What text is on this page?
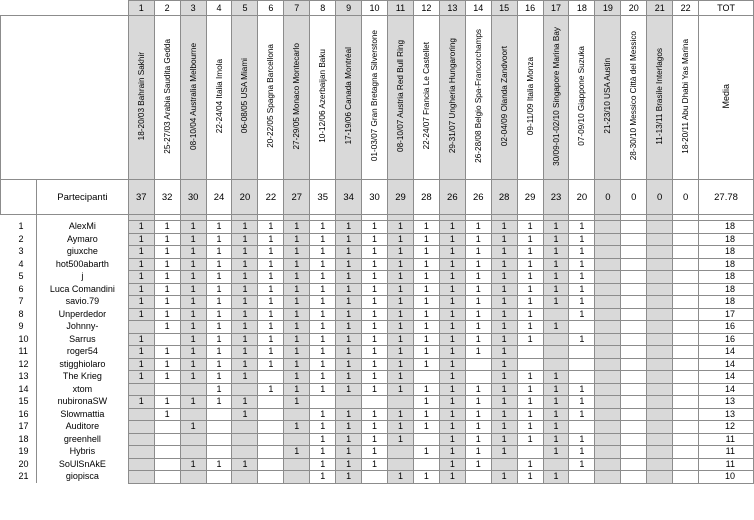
		1	2	3	4	5	6	7	8	9	10	11	12	13	14	15	16	17	18	19	20	21	22	TOT
		18-20/03 Bahrain Sakhir	25-27/03 Arabia Saudita Gedda	08-10/04 Australia Melbourne	22-24/04 Italia Imola	06-08/05 USA Miami	20-22/05 Spagna Barcellona	27-29/05 Monaco Montecarlo	10-12/06 Azerbaijan Baku	17-19/06 Canada Montréal	01-03/07 Gran Bretagna Silverstone	08-10/07 Austria Red Bull Ring	22-24/07 Francia Le Castellet	29-31/07 Ungheria Hungaroring	26-28/08 Belgio Spa-Francorchamps	02-04/09 Olanda Zandvoort	09-11/09 Italia Monza	30/09-01-02/10 Singapore Marina Bay	07-09/10 Giappone Suzuka	21-23/10 USA Austin	28-30/10 Messico Città del Messico	11-13/11 Brasile Interlagos	18-20/11 Abu Dhabi Yas Marina	Media
	Partecipanti	37	32	30	24	20	22	27	35	34	30	29	28	26	26	28	29	23	20	0	0	0	0	27.78

1	AlexMi	1	1	1	1	1	1	1	1	1	1	1	1	1	1	1	1	1	1					18
2	Aymaro	1	1	1	1	1	1	1	1	1	1	1	1	1	1	1	1	1	1					18
3	giuxche	1	1	1	1	1	1	1	1	1	1	1	1	1	1	1	1	1	1					18
4	hot500abarth	1	1	1	1	1	1	1	1	1	1	1	1	1	1	1	1	1	1					18
5	j	1	1	1	1	1	1	1	1	1	1	1	1	1	1	1	1	1	1					18
6	Luca Comandini	1	1	1	1	1	1	1	1	1	1	1	1	1	1	1	1	1	1					18
7	savio.79	1	1	1	1	1	1	1	1	1	1	1	1	1	1	1	1	1	1					18
8	Unperdedor	1	1	1	1	1	1	1	1	1	1	1	1	1	1	1	1		1					17
9	Johnny-		1	1	1	1	1	1	1	1	1	1	1	1	1	1	1	1						16
10	Sarrus	1		1	1	1	1	1	1	1	1	1	1	1	1	1	1		1					16
11	roger54	1	1	1	1	1	1	1	1	1	1	1	1	1	1	1								14
12	stigghiolaro	1	1	1	1	1	1	1	1	1	1	1	1	1		1								14
13	The Krieg	1	1	1	1	1		1	1	1	1	1		1		1	1	1						14
14	xtom				1		1	1	1	1	1	1	1	1	1	1	1	1	1					14
15	nubironaSW	1	1	1	1	1		1					1	1	1	1	1	1	1					13
16	Slowmattia		1			1			1	1	1	1	1	1	1	1	1	1	1					13
17	Auditore			1				1	1	1	1	1	1	1	1	1	1	1						12
18	greenhell								1	1	1	1		1	1	1	1	1	1					11
19	Hybris							1	1	1	1		1	1	1	1		1	1					11
20	SoUlSnAkE			1	1	1			1	1	1			1	1		1		1					11
21	giopisca								1	1		1	1	1		1	1	1						10
